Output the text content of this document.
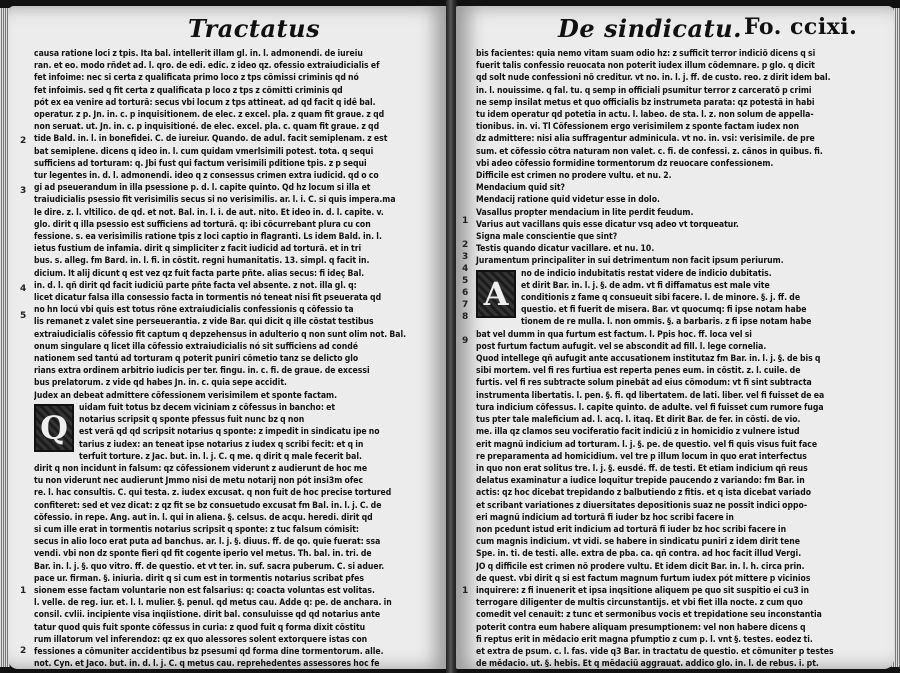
Tractatus
2
3
4
5
1
2
causa ratione loci z tpis. Ita bal. intellerit illam gl. in. l. admonendi. de iureiu
ran. et eo. modo rñdet ad. l. qro. de edi. edic. z ideo qz. ofessio extraiudicialis ef
fet infoime: nec si certa z qualificata primo loco z tps cõmissi criminis qd nó
fet infoimis. sed q fit certa z qualificata p loco z tps z cõmitti criminis qd
pót ex ea venire ad torturã: secus vbi locum z tps attineat. ad qd facit q idê bal.
operatur. z p. Jn. in. c. p inquisitionem. de elec. z excel. pla. z quam fit graue. z qd
non seruat. ut. Jn. in. c. p inquisitioné. de elec. excel. pla. c. quam fit graue. z qd
tide Bald. in. l. in bonefidei. C. de iureiur. Quando. de adul. facit semiplenam. z est
bat semiplene. dicens q ideo in. l. cum quidam vmerlsimili potest. tota. q sequi
sufficiens ad torturam: q. Jbi fust qui factum verisimili pditione tpis. z p sequi
tur legentes in. d. l. admonendi. ideo q z consessus crimen extra iudicid. qd o co
gi ad pseuerandum in illa psessione p. d. l. capite quinto. Qd hz locum si illa et
traiudicialis psessio fit verisimilis secus si no verisimilis. ar. l. i. C. si quis impera.ma
le dire. z. l. vltilico. de qd. et not. Bal. in. l. i. de aut. nito. Et ideo in. d. l. capite. v.
glo. dirit q illa psessio est sufficiens ad torturã. q: ibi cõcurrebant plura cu con
fessione. s. ea verisimilis ratione tpis z loci captio in flagranti. Ls idem Bald. in. l.
ietus fustium de infamia. dirit q simpliciter z facit iudicid ad torturã. et in tri
bus. s. alleg. fm Bard. in. l. fi. in cõstit. regni humanitatis. 13. simpl. q facit in.
dicium. It alij dicunt q est vez qz fuit facta parte pñte. alias secus: fi ideç Bal.
in. d. l. qñ dirit qd facit iudiciũ parte pñte facta vel absente. z not. illa gl. q:
licet dicatur falsa illa consessio facta in tormentis nó teneat nisi fit pseuerata qd
no hn locú vbi quis est totus rõne extraiudicialis confessionis q cõfessio ta
lis remanet z valet sine perseuerantia. z vide Bar. qui dicit q ille cõstat testibus
extraiudicialis cõfessio fit captum q depzehensus in adulterio q non sunt olim not. Bal.
onum singulare q licet illa cõfessio extraiudicialis nó sit sufficiens ad condé
nationem sed tantú ad torturam q poterit puniri cõmetio tanz se delicto glo
rians extra ordinem arbitrio iudicis per ter. fingu. in. c. fi. de graue. de excessi
bus prelatorum. z vide qd habes Jn. in. c. quia sepe accidit.
Judex an debeat admittere cõfessionem verisimilem et sponte factam.
Q
uidam fuit totus bz decem viciniam z cõfessus in bancho: et
notarius scripsit q sponte pfessus fuit nunc bz q non
est verã qd qd scripsit notarius q sponte: z impedit in sindicatu ipe no
tarius z iudex: an teneat ipse notarius z iudex q scribi fecit: et q in
terfuit torture. z Jac. but. in. l. j. C. q me. q dirit q male fecerit bal.
dirit q non incidunt in falsum: qz cõfessionem viderunt z audierunt de hoc me
tu non viderunt nec audierunt Jmmo nisi de metu notarij non pót insi3m ofec
re. l. hac consultis. C. qui testa. z. iudex excusat. q non fuit de hoc precise tortured
confiteret: sed et vez dicat: z qz fit se bz consuetudo excusat fm Bal. in. l. j. C. de
cõfessio. in repe. Ang. aut in. l. qui in aliena. §. celsus. de acqu. heredi. dirit qd
si cum ille erat in tormentis notarius scripsit q sponte: z tuc falsum cómisit:
secus in alio loco erat puta ad banchus. ar. l. j. §. diuus. ff. de qo. quie fuerat: ssa
vendi. vbi non dz sponte fieri qd fit cogente iperio vel metus. Th. bal. in. tri. de
Bar. in. l. j. §. quo vitro. ff. de questio. et vt ter. in. suf. sacra puberum. C. si aduer.
pace ur. firman. §. iniuria. dirit q si cum est in tormentis notarius scribat pfes
sionem esse factam voluntarie non est falsarius: q: coacta voluntas est volitas.
l. velle. de reg. iur. et. l. l. mulier. §. penul. qd metus cau. Adde q: pe. de anchara. in
consil. cvlii. incipiente visa inqiistione. dirit bal. consuluisse qd qd notarius ante
tatur quod quis fuit sponte cõfessus in curia: z quod fuit q forma dixit cõstitu
rum illatorum vel inferendoz: qz ex quo alessores solent extorquere istas con
fessiones a cõmuniter accidentibus bz psesumi qd forma dine tormentorum. alle.
not. Cyn. et Jaco. but. in. d. l. j. C. q metus cau. reprehedentes assessores hoc fe
De sindicatu. Fo. ccixi.
1
2
3
4
5
6
7
8
9
1
bis facientes: quia nemo vitam suam odio hz: z sufficit terror indiciõ dicens q si
fuerit talis confessio reuocata non poterit iudex illum cõdemnare. p glo. q dicit
qd solt nude confessioni nõ creditur. vt no. in. l. j. ff. de custo. reo. z dirit idem bal.
in. l. nouissime. q fal. tu. q semp in officiali psumitur terror z carceratõ p crimi
ne semp insilat metus et quo officialis bz instrumeta parata: qz potestã in habi
tu idem operatur qd potetia in actu. l. labeo. de sta. l. z. non solum de appella-
tionibus. in. vi. Tl Cõfessionem ergo verisimilem z sponte factam iudex non
dz admittere: nisi alia suffragentur adminicula. vt no. in. vsi: verisimile. de pre
sum. et cõfessio cõtra naturam non valet. c. fi. de confessi. z. cãnos in quibus. fi.
vbi adeo cõfessio formidine tormentorum dz reuocare confessionem.
Difficile est crimen no prodere vultu. et nu. 2.
Mendacium quid sit?
Mendacij ratione quid videtur esse in dolo.
Vasallus propter mendacium in lite perdit feudum.
Varius aut vacillans quis esse dicatur vsq adeo vt torqueatur.
Signa male conscientie que sint?
Testis quando dicatur vacillare. et nu. 10.
Juramentum principaliter in sui detrimentum non facit ipsum periurum.
A
no de indicio indubitatis restat videre de indicio dubitatis.
et dirit Bar. in. l. j. §. de adm. vt fi diffamatus est male vite
conditionis z fame q consueuit sibi facere. l. de minore. §. j. ff. de
questio. et fi fuerit de misera. Bar. vt quocumq: fi ipse notam habe
tionem de re mulla. l. non ommis. §. a barbaris. z fi ipse notam habe
bat vel dumm in qua furtum est factum. l. Ppis hoc. ff. loca vel si
post furtum factum aufugit. vel se abscondit ad fill. l. lege cornelia.
Quod intellege qñ aufugit ante accusationem institutaz fm Bar. in. l. j. §. de bis q
sibi mortem. vel fi res furtiua est reperta penes eum. in cõstit. z. l. cuile. de
furtis. vel fi res subtracte solum pinebãt ad eius cõmodum: vt fi sint subtracta
instrumenta libertatis. l. pen. §. fi. qd libertatem. de lati. liber. vel fi fuisset de ea
tura indicium cõfessus. l. capite quinto. de adulte. vel fi fuisset cum rumore fuga
tus pter tale maleficium ad. l. acq. l. itaq. Et dirit Bar. de fer. in cõsti. de vio.
me. illa qz clamos seu vociferatio facit indiciũ z in homicidio z vulnere istud
erit magnũ indicium ad torturam. l. j. §. pe. de questio. vel fi quis visus fuit face
re preparamenta ad homicidium. vel tre p illum locum in quo erat interfectus
in quo non erat solitus tre. l. j. §. eusdé. ff. de testi. Et etiam indicium qñ reus
delatus examinatur a iudice loquitur trepide paucendo z variando: fm Bar. in
actis: qz hoc dicebat trepidando z balbutiendo z fitis. et q ista dicebat variado
et scribant variationes z diuersitates depositionis suaz ne possit indici oppo-
eri magnũ indicium ad torturã fi iuder bz hoc scribi facere in
non pcedunt istud erit indicium ad torturã fi iuder bz hoc scribi facere in
cum magnis indicium. vt vidi. se habere in sindicatu puniri z idem dirit tene
Spe. in. ti. de testi. alle. extra de pba. ca. qñ contra. ad hoc facit illud Vergi.
JO q difficile est crimen nõ prodere vultu. Et idem dicit Bar. in. l. h. circa prin.
de quest. vbi dirit q si est factum magnum furtum iudex pót mittere p vicinios
inquirere: z fi inuenerit et ipsa inqsitione aliquem pe quo sit suspitio ei cu3 in
terrogare diligenter de multis circunstantijs. et vbi fiet illa nocte. z cum quo
comedit vel cenauit: z tunc et sermonibus vocis et trepidatione seu inconstantia
poterit contra eum habere aliquam presumptionem: vel non habere dicens q
fi reptus erit in mēdacio erit magna pfumptio z cum p. l. vnt §. testes. eodez ti.
et extra de psum. c. l. fas. vide q3 Bar. in tractatu de questio. et cõmuniter p testes
de mědacio. ut. §. hebis. Et q mēdaciũ aggrauat. addico glo. in. l. de rebus. i. pt.
